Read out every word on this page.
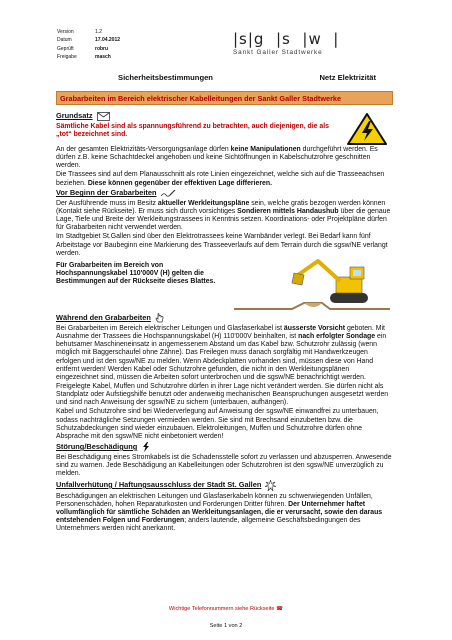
Version	1.2
Datum	17.04.2012
Geprüft	robru
Freigabe	masch
|s|g  |s  |w  |
Sankt Galler Stadtwerke
Sicherheitsbestimmungen	Netz Elektrizität
Grabarbeiten im Bereich elektrischer Kabelleitungen der Sankt Galler Stadtwerke
Grundsatz

Sämtliche Kabel sind als spannungsführend zu betrachten, auch diejenigen, die als „tot“ bezeichnet sind.

An der gesamten Elektrizitäts-Versorgungsanlage dürfen keine Manipulationen durchgeführt werden. Es dürfen z.B. keine Schachtdeckel angehoben und keine Sichtöffnungen in Kabelschutzrohre geschnitten werden.

Die Trassees sind auf dem Planausschnitt als rote Linien eingezeichnet, welche sich auf die Trasseeachsen beziehen. Diese können gegenüber der effektiven Lage differieren.

Vor Beginn der Grabarbeiten

Der Ausführende muss im Besitz aktueller Werkleitungspläne sein, welche gratis bezogen werden können (Kontakt siehe Rückseite). Er muss sich durch vorsichtiges Sondieren mittels Handaushub über die genaue Lage, Tiefe und Breite der Werkleitungstrassees in Kenntnis setzen. Koordinations- oder Projektpläne dürfen für Grabarbeiten nicht verwendet werden.

Im Stadtgebiet St.Gallen sind über den Elektrotrassees keine Warnbänder verlegt. Bei Bedarf kann fünf Arbeitstage vor Baubeginn eine Markierung des Trasseeverlaufs auf dem Terrain durch die sgsw/NE verlangt werden.

Für Grabarbeiten im Bereich von Hochspannungskabel 110'000V (H) gelten die Bestimmungen auf der Rückseite dieses Blattes.
Während den Grabarbeiten

Bei Grabarbeiten im Bereich elektrischer Leitungen und Glasfaserkabel ist äusserste Vorsicht geboten. Mit Ausnahme der Trassees die Hochspannungskabel (H) 110'000V beinhalten, ist nach erfolgter Sondage ein behutsamer Maschineneinsatz in angemessenem Abstand um das Kabel bzw. Schutzrohr zulässig (wenn möglich mit Baggerschaufel ohne Zähne). Das Freilegen muss danach sorgfältig mit Handwerkzeugen erfolgen und ist den sgsw/NE zu melden. Wenn Abdeckplatten vorhanden sind, müssen diese von Hand entfernt werden! Werden Kabel oder Schutzrohre gefunden, die nicht in den Werkleitungsplänen eingezeichnet sind, müssen die Arbeiten sofort unterbrochen und die sgsw/NE benachrichtigt werden.

Freigelegte Kabel, Muffen und Schutzrohre dürfen in ihrer Lage nicht verändert werden. Sie dürfen nicht als Standplatz oder Aufstiegshilfe benutzt oder anderweitig mechanischen Beanspruchungen ausgesetzt werden und sind nach Anweisung der sgsw/NE zu sichern (unterbauen, aufhängen).

Kabel und Schutzrohre sind bei Wiederverlegung auf Anweisung der sgsw/NE einwandfrei zu unterbauen, sodass nachträgliche Setzungen vermieden werden. Sie sind mit Brechsand einzubetten bzw. die Schutzabdeckungen sind wieder einzubauen. Elektroleitungen, Muffen und Schutzrohre dürfen ohne Absprache mit den sgsw/NE nicht einbetoniert werden!

Störung/Beschädigung

Bei Beschädigung eines Stromkabels ist die Schadensstelle sofort zu verlassen und abzusperren. Anwesende sind zu warnen. Jede Beschädigung an Kabelleitungen oder Schutzrohren ist den sgsw/NE unverzüglich zu melden.

Unfallverhütung / Haftungsausschluss der Stadt St. Gallen

Beschädigungen an elektrischen Leitungen und Glasfaserkabeln können zu schwerwiegenden Unfällen, Personenschäden, hohen Reparaturkosten und Forderungen Dritter führen. Der Unternehmer haftet vollumfänglich für sämtliche Schäden an Werkleitungsanlagen, die er verursacht, sowie den daraus entstehenden Folgen und Forderungen; anders lautende, allgemeine Geschäftsbedingungen des Unternehmers werden nicht anerkannt.

Wichtige Telefonnummern siehe Rückseite ☎
Seite 1 von 2
